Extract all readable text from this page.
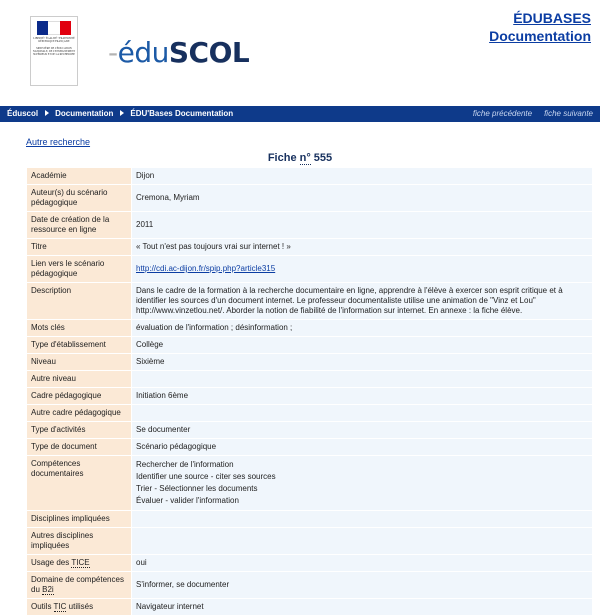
LIBERTÉ • ÉGALITÉ • FRATERNITÉ
RÉPUBLIQUE FRANÇAISE
MINISTÈRE DE L'ÉDUCATION NATIONALE, DE L'ENSEIGNEMENT SUPÉRIEUR ET DE LA RECHERCHE -éduSCOL
ÉDUBASES
Documentation
Éduscol Documentation ÉDU'Bases Documentation	fiche précédente fiche suivante
Autre recherche
Fiche n° 555
Académie	Dijon
Auteur(s) du scénario pédagogique	Cremona, Myriam
Date de création de la ressource en ligne	2011
Titre	« Tout n'est pas toujours vrai sur internet ! »
Lien vers le scénario pédagogique	http://cdi.ac-dijon.fr/spip.php?article315
Description	Dans le cadre de la formation à la recherche documentaire en ligne, apprendre à l'élève à exercer son esprit critique et à identifier les sources d'un document internet. Le professeur documentaliste utilise une animation de "Vinz et Lou" http://www.vinzetlou.net/. Aborder la notion de fiabilité de l'information sur internet. En annexe : la fiche élève.
Mots clés	évaluation de l'information ; désinformation ;
Type d'établissement	Collège
Niveau	Sixième
Autre niveau	
Cadre pédagogique	Initiation 6ème
Autre cadre pédagogique	
Type d'activités	Se documenter
Type de document	Scénario pédagogique
Compétences documentaires	Rechercher de l'information
Identifier une source - citer ses sources
Trier - Sélectionner les documents
Évaluer - valider l'information

Disciplines impliquées	
Autres disciplines impliquées	
Usage des TICE	oui
Domaine de compétences du B2i	S'informer, se documenter
Outils TIC utilisés	Navigateur internet
